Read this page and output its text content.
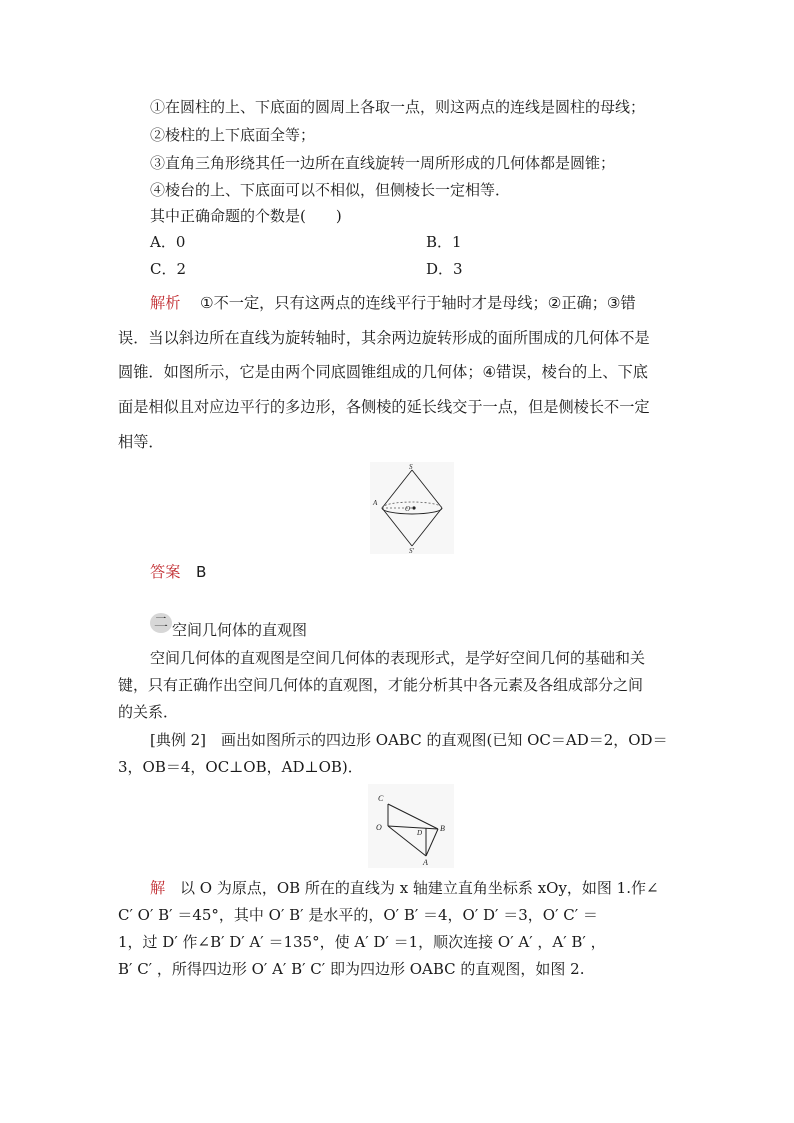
①在圆柱的上、下底面的圆周上各取一点，则这两点的连线是圆柱的母线；
②棱柱的上下底面全等；
③直角三角形绕其任一边所在直线旋转一周所形成的几何体都是圆锥；
④棱台的上、下底面可以不相似，但侧棱长一定相等．
其中正确命题的个数是(　　)
A．0	B．1
C．2	D．3
解析 ①不一定，只有这两点的连线平行于轴时才是母线；②正确；③错
误．当以斜边所在直线为旋转轴时，其余两边旋转形成的面所围成的几何体不是
圆锥．如图所示，它是由两个同底圆锥组成的几何体；④错误，棱台的上、下底
面是相似且对应边平行的多边形，各侧棱的延长线交于一点，但是侧棱长不一定
相等．
S
A
O
S′
答案 B
二 空间几何体的直观图
空间几何体的直观图是空间几何体的表现形式，是学好空间几何的基础和关
键，只有正确作出空间几何体的直观图，才能分析其中各元素及各组成部分之间
的关系．
[典例 2]　画出如图所示的四边形 OABC 的直观图(已知 OC＝AD＝2，OD＝
3，OB＝4，OC⊥OB，AD⊥OB)．
C
O
D B
A
解 以 O 为原点，OB 所在的直线为 x 轴建立直角坐标系 xOy，如图 1.作∠
C′ O′ B′ ＝45°，其中 O′ B′ 是水平的，O′ B′ ＝4，O′ D′ ＝3，O′ C′ ＝
1，过 D′ 作∠B′ D′ A′ ＝135°，使 A′ D′ ＝1，顺次连接 O′ A′ ，A′ B′ ，
B′ C′ ，所得四边形 O′ A′ B′ C′ 即为四边形 OABC 的直观图，如图 2.
